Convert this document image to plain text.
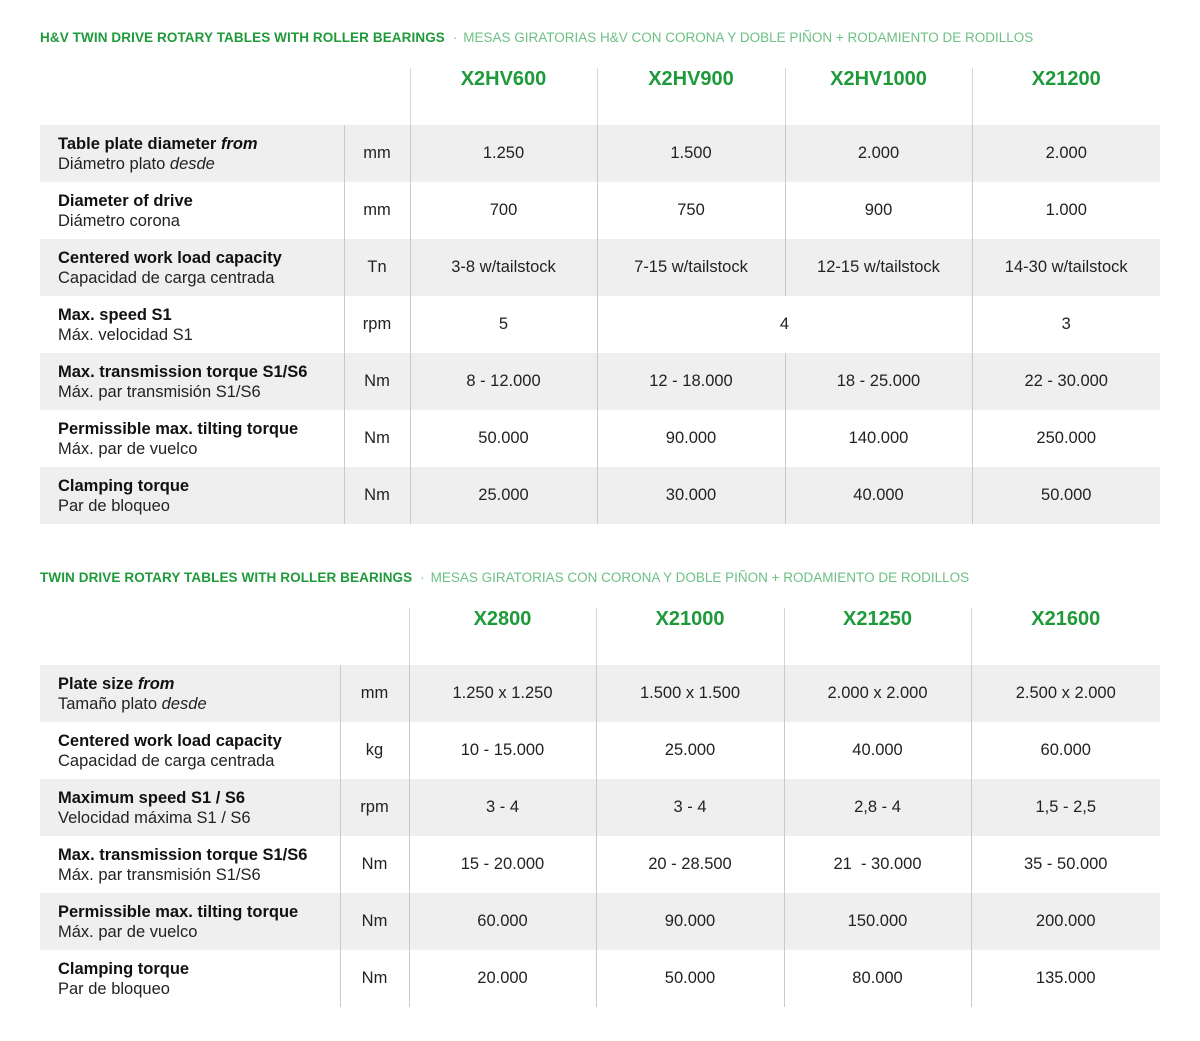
H&V TWIN DRIVE ROTARY TABLES WITH ROLLER BEARINGS · MESAS GIRATORIAS H&V CON CORONA Y DOBLE PIÑON + RODAMIENTO DE RODILLOS
		X2HV600	X2HV900	X2HV1000	X21200

Table plate diameter from
Diámetro plato desde	mm	1.250	1.500	2.000	2.000

Diameter of drive
Diámetro corona	mm	700	750	900	1.000

Centered work load capacity
Capacidad de carga centrada	Tn	3-8 w/tailstock	7-15 w/tailstock	12-15 w/tailstock	14-30 w/tailstock

Max. speed S1
Máx. velocidad S1	rpm	5	4		3

Max. transmission torque S1/S6
Máx. par transmisión S1/S6	Nm	8 - 12.000	12 - 18.000	18 - 25.000	22 - 30.000

Permissible max. tilting torque
Máx. par de vuelco	Nm	50.000	90.000	140.000	250.000

Clamping torque
Par de bloqueo	Nm	25.000	30.000	40.000	50.000
TWIN DRIVE ROTARY TABLES WITH ROLLER BEARINGS · MESAS GIRATORIAS CON CORONA Y DOBLE PIÑON + RODAMIENTO DE RODILLOS
		X2800	X21000	X21250	X21600

Plate size from
Tamaño plato desde	mm	1.250 x 1.250	1.500 x 1.500	2.000 x 2.000	2.500 x 2.000

Centered work load capacity
Capacidad de carga centrada	kg	10 - 15.000	25.000	40.000	60.000

Maximum speed S1 / S6
Velocidad máxima S1 / S6	rpm	3 - 4	3 - 4	2,8 - 4	1,5 - 2,5

Max. transmission torque S1/S6
Máx. par transmisión S1/S6	Nm	15 - 20.000	20 - 28.500	21  - 30.000	35 - 50.000

Permissible max. tilting torque
Máx. par de vuelco	Nm	60.000	90.000	150.000	200.000

Clamping torque
Par de bloqueo	Nm	20.000	50.000	80.000	135.000
